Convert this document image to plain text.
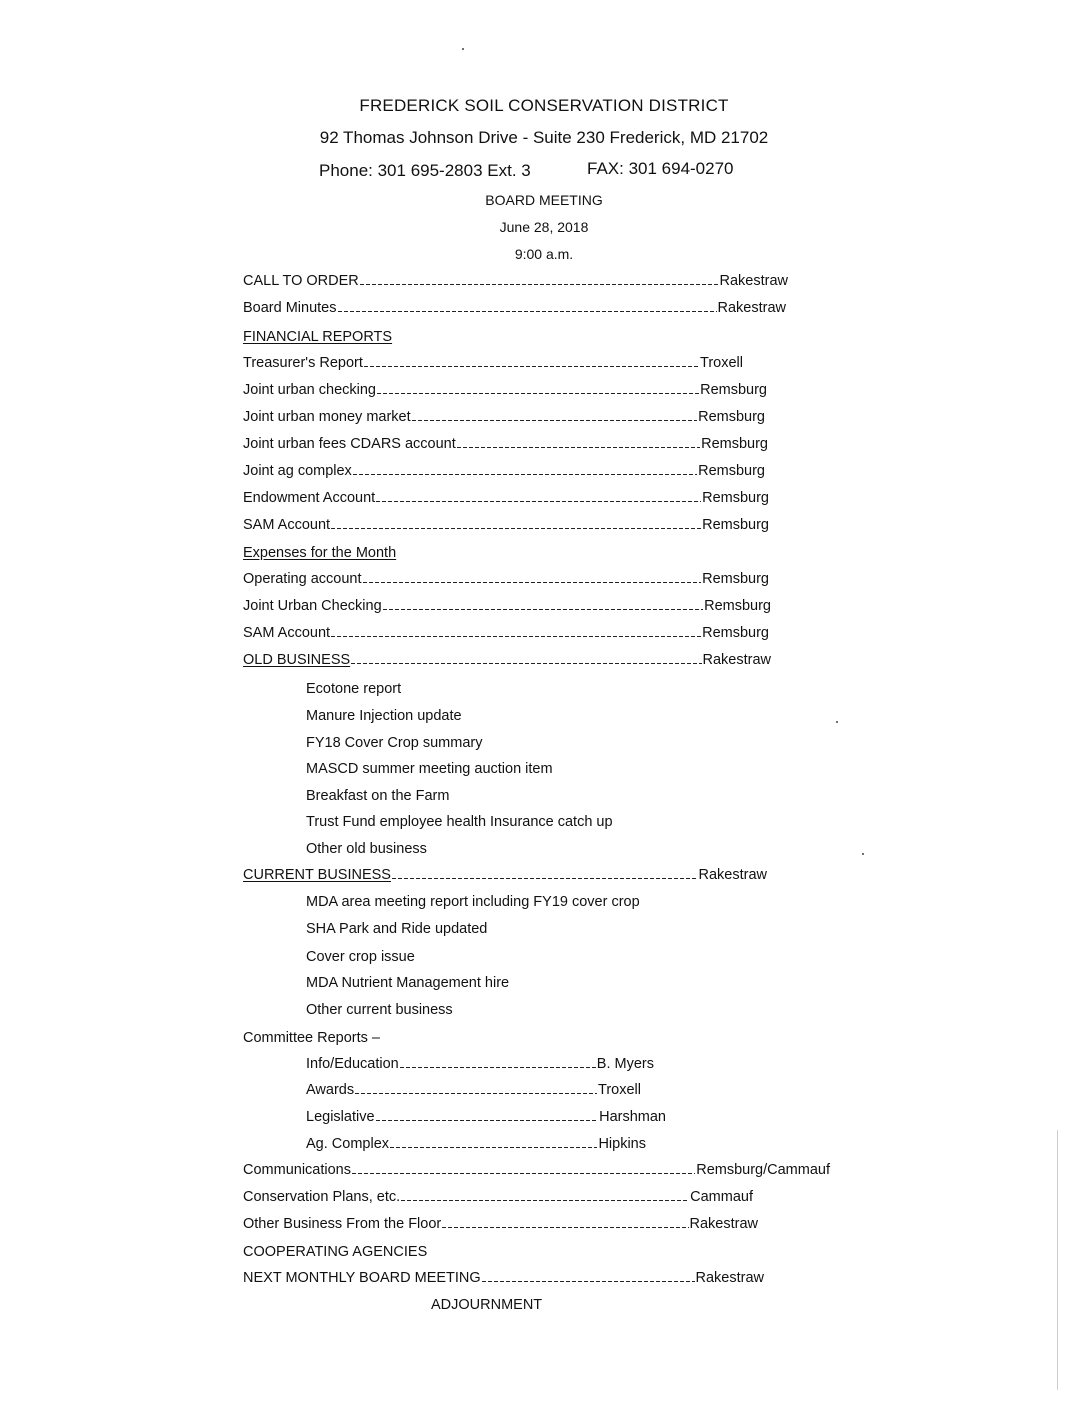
FREDERICK SOIL CONSERVATION DISTRICT
92 Thomas Johnson Drive - Suite 230 Frederick, MD 21702
Phone: 301 695-2803 Ext. 3	FAX: 301 694-0270
BOARD MEETING
June 28, 2018
9:00 a.m.
CALL TO ORDER	Rakestraw
Board Minutes	Rakestraw
FINANCIAL REPORTS
Treasurer's Report	Troxell
Joint urban checking	Remsburg
Joint urban money market	Remsburg
Joint urban fees CDARS account	Remsburg
Joint ag complex	Remsburg
Endowment Account	Remsburg
SAM Account	Remsburg
Expenses for the Month
Operating account	Remsburg
Joint Urban Checking	Remsburg
SAM Account	Remsburg
OLD BUSINESS	Rakestraw
Ecotone report
Manure Injection update
FY18 Cover Crop summary
MASCD summer meeting auction item
Breakfast on the Farm
Trust Fund employee health Insurance catch up
Other old business
CURRENT BUSINESS	Rakestraw
MDA area meeting report including FY19 cover crop
SHA Park and Ride updated
Cover crop issue
MDA Nutrient Management hire
Other current business
Committee Reports –
Info/Education	B. Myers
Awards	Troxell
Legislative	Harshman
Ag. Complex	Hipkins
Communications	Remsburg/Cammauf
Conservation Plans, etc.	Cammauf
Other Business From the Floor	Rakestraw
COOPERATING AGENCIES
NEXT MONTHLY BOARD MEETING	Rakestraw
ADJOURNMENT
